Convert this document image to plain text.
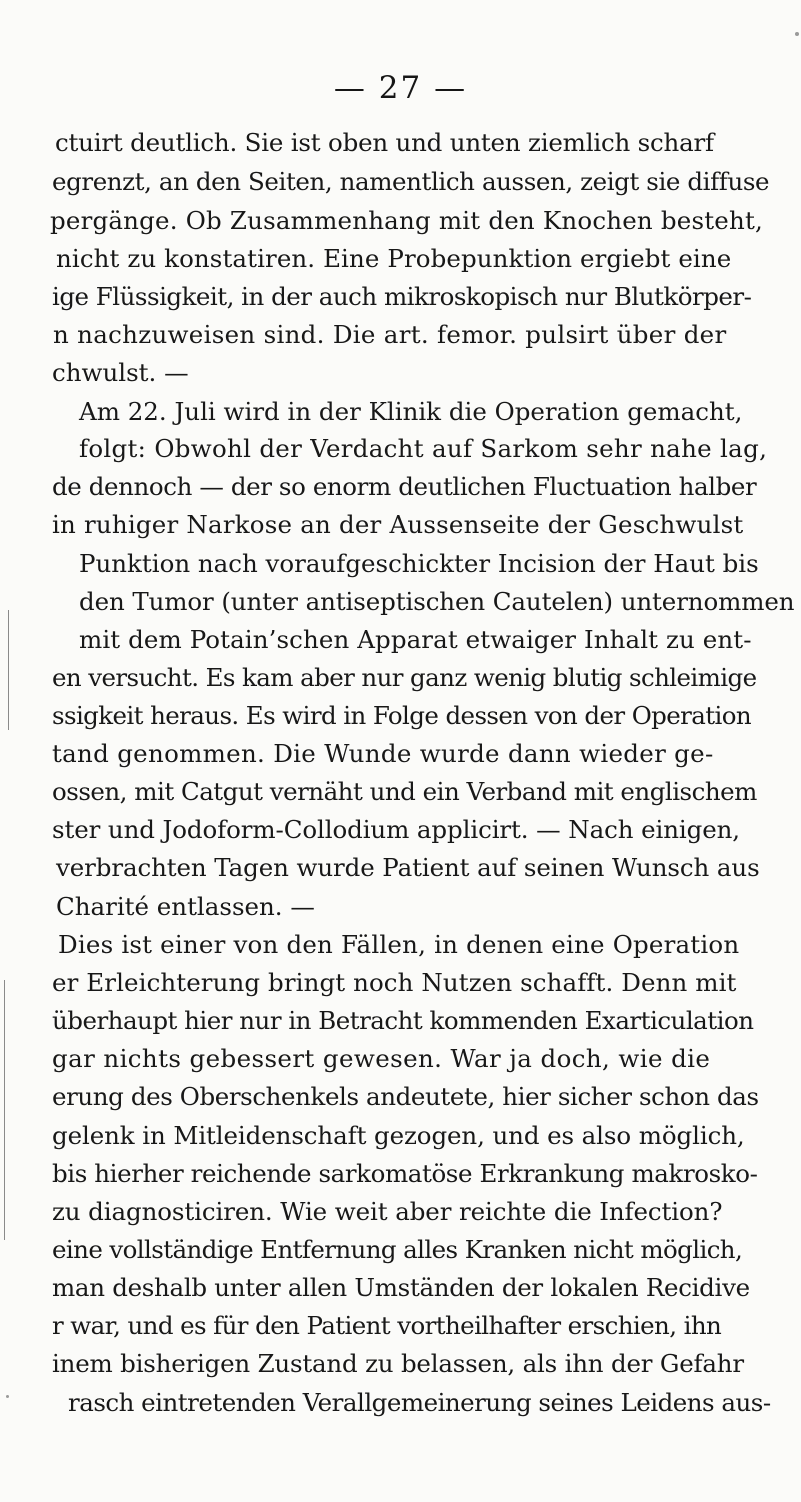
— 27 —

ctuirt deutlich. Sie ist oben und unten ziemlich scharf

egrenzt, an den Seiten, namentlich aussen, zeigt sie diffuse

pergänge. Ob Zusammenhang mit den Knochen besteht,

nicht zu konstatiren. Eine Probepunktion ergiebt eine

ige Flüssigkeit, in der auch mikroskopisch nur Blutkörper-

n nachzuweisen sind. Die art. femor. pulsirt über der

chwulst. —

Am 22. Juli wird in der Klinik die Operation gemacht,

folgt: Obwohl der Verdacht auf Sarkom sehr nahe lag,

de dennoch — der so enorm deutlichen Fluctuation halber

in ruhiger Narkose an der Aussenseite der Geschwulst

Punktion nach voraufgeschickter Incision der Haut bis

den Tumor (unter antiseptischen Cautelen) unternommen

mit dem Potain’schen Apparat etwaiger Inhalt zu ent-

en versucht. Es kam aber nur ganz wenig blutig schleimige

ssigkeit heraus. Es wird in Folge dessen von der Operation

tand genommen. Die Wunde wurde dann wieder ge-

ossen, mit Catgut vernäht und ein Verband mit englischem

ster und Jodoform-Collodium applicirt. — Nach einigen,

verbrachten Tagen wurde Patient auf seinen Wunsch aus

Charité entlassen. —

Dies ist einer von den Fällen, in denen eine Operation

er Erleichterung bringt noch Nutzen schafft. Denn mit

überhaupt hier nur in Betracht kommenden Exarticulation

gar nichts gebessert gewesen. War ja doch, wie die

erung des Oberschenkels andeutete, hier sicher schon das

gelenk in Mitleidenschaft gezogen, und es also möglich,

bis hierher reichende sarkomatöse Erkrankung makrosko-

zu diagnosticiren. Wie weit aber reichte die Infection?

eine vollständige Entfernung alles Kranken nicht möglich,

man deshalb unter allen Umständen der lokalen Recidive

r war, und es für den Patient vortheilhafter erschien, ihn

inem bisherigen Zustand zu belassen, als ihn der Gefahr

rasch eintretenden Verallgemeinerung seines Leidens aus-
